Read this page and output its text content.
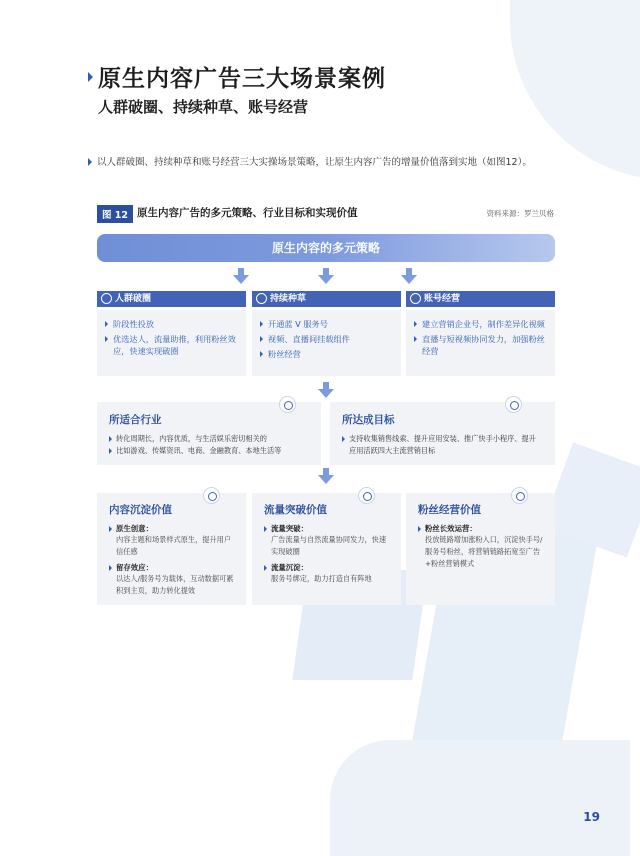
原生内容广告三大场景案例
人群破圈、持续种草、账号经营

以人群破圈、持续种草和账号经营三大实操场景策略，让原生内容广告的增量价值落到实地（如图12）。

图 12 原生内容广告的多元策略、行业目标和实现价值	资料来源：罗兰贝格
原生内容的多元策略
人群破圈
阶段性投放
优选达人，流量助推，利用粉丝效应，快速实现破圈
持续种草
开通蓝 V 服务号
视频、直播间挂载组件
粉丝经营
账号经营
建立营销企业号，制作差异化视频
直播与短视频协同发力，加强粉丝经营
所适合行业
转化周期长，内容优质，与生活娱乐密切相关的
比如游戏、传媒资讯、电商、金融教育、本地生活等
所达成目标
支持收集销售线索、提升应用安装、推广快手小程序、提升应用活跃四大主流营销目标
内容沉淀价值
原生创意：
内容主题和场景样式原生，提升用户信任感
留存效应：
以达人/服务号为载体，互动数据可累积到主页，助力转化提效
流量突破价值
流量突破：
广告流量与自然流量协同发力，快速实现破圈
流量沉淀：
服务号绑定，助力打造自有阵地
粉丝经营价值
粉丝长效运营：
投放链路增加涨粉入口，沉淀快手号/服务号粉丝，将营销链路拓宽至广告+粉丝营销模式
19
